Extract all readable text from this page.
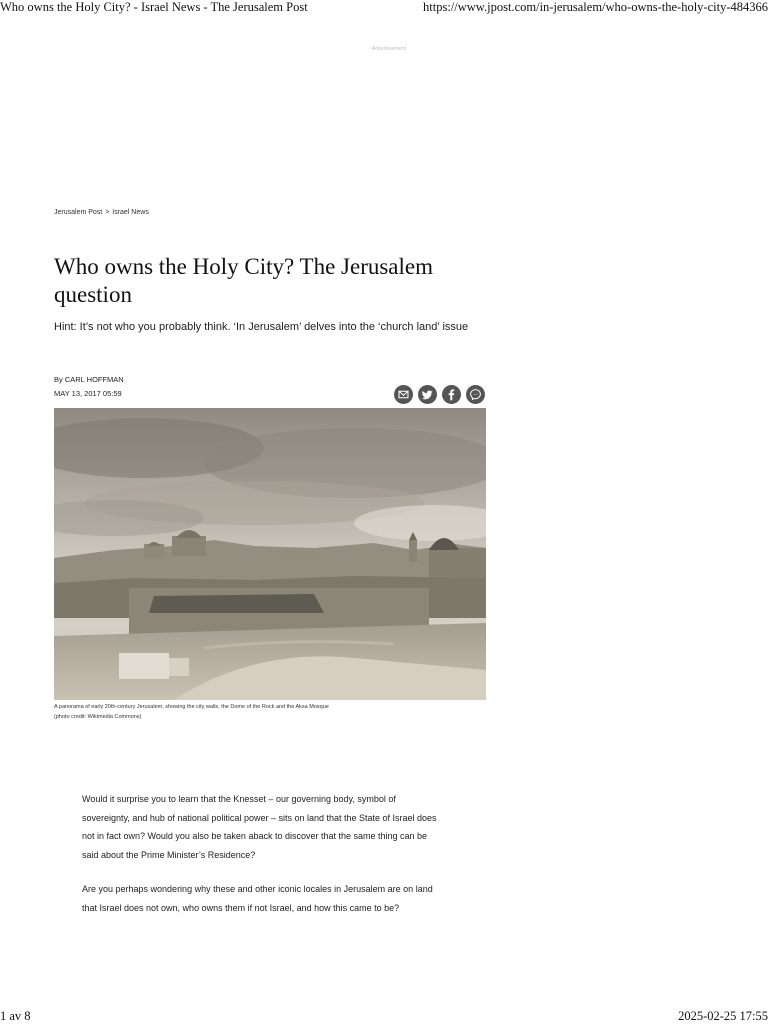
Who owns the Holy City? - Israel News - The Jerusalem Post	https://www.jpost.com/in-jerusalem/who-owns-the-holy-city-484366
Advertisement
Jerusalem Post > Israel News
Who owns the Holy City? The Jerusalem question
Hint: It’s not who you probably think. ‘In Jerusalem’ delves into the ‘church land’ issue
By CARL HOFFMAN
MAY 13, 2017 05:59
A panorama of early 20th-century Jerusalem, showing the city walls, the Dome of the Rock and the Aksa Mosque
(photo credit: Wikimedia Commons)

Would it surprise you to learn that the Knesset – our governing body, symbol of sovereignty, and hub of national political power – sits on land that the State of Israel does not in fact own? Would you also be taken aback to discover that the same thing can be said about the Prime Minister’s Residence?

Are you perhaps wondering why these and other iconic locales in Jerusalem are on land that Israel does not own, who owns them if not Israel, and how this came to be?

1 av 8	2025-02-25 17:55
